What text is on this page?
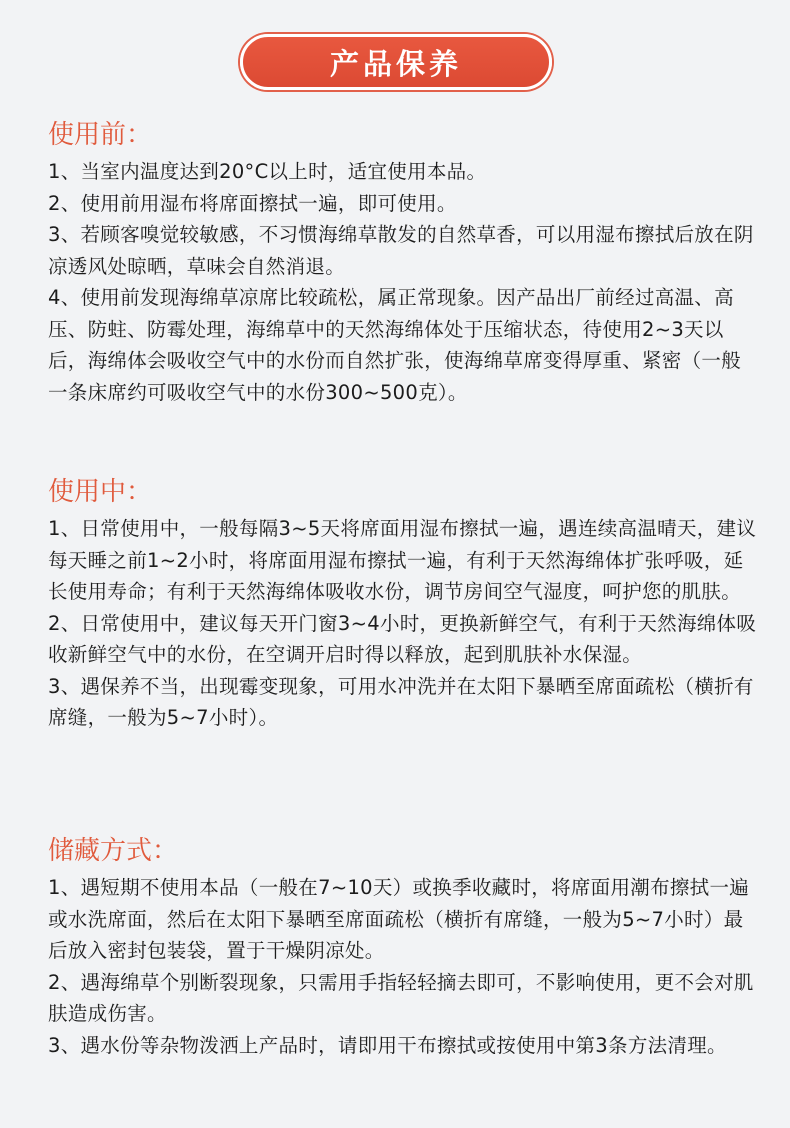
产品保养
使用前：

1、当室内温度达到20°C以上时，适宜使用本品。

2、使用前用湿布将席面擦拭一遍，即可使用。

3、若顾客嗅觉较敏感，不习惯海绵草散发的自然草香，可以用湿布擦拭后放在阴凉透风处晾晒，草味会自然消退。

4、使用前发现海绵草凉席比较疏松，属正常现象。因产品出厂前经过高温、高压、防蛀、防霉处理，海绵草中的天然海绵体处于压缩状态，待使用2~3天以后，海绵体会吸收空气中的水份而自然扩张，使海绵草席变得厚重、紧密（一般一条床席约可吸收空气中的水份300~500克）。

使用中：

1、日常使用中，一般每隔3~5天将席面用湿布擦拭一遍，遇连续高温晴天，建议每天睡之前1~2小时，将席面用湿布擦拭一遍，有利于天然海绵体扩张呼吸，延长使用寿命；有利于天然海绵体吸收水份，调节房间空气湿度，呵护您的肌肤。

2、日常使用中，建议每天开门窗3~4小时，更换新鲜空气，有利于天然海绵体吸收新鲜空气中的水份，在空调开启时得以释放，起到肌肤补水保湿。

3、遇保养不当，出现霉变现象，可用水冲洗并在太阳下暴晒至席面疏松（横折有席缝，一般为5~7小时）。

储藏方式：

1、遇短期不使用本品（一般在7~10天）或换季收藏时，将席面用潮布擦拭一遍或水洗席面，然后在太阳下暴晒至席面疏松（横折有席缝，一般为5~7小时）最后放入密封包装袋，置于干燥阴凉处。

2、遇海绵草个别断裂现象，只需用手指轻轻摘去即可，不影响使用，更不会对肌肤造成伤害。

3、遇水份等杂物泼洒上产品时，请即用干布擦拭或按使用中第3条方法清理。
